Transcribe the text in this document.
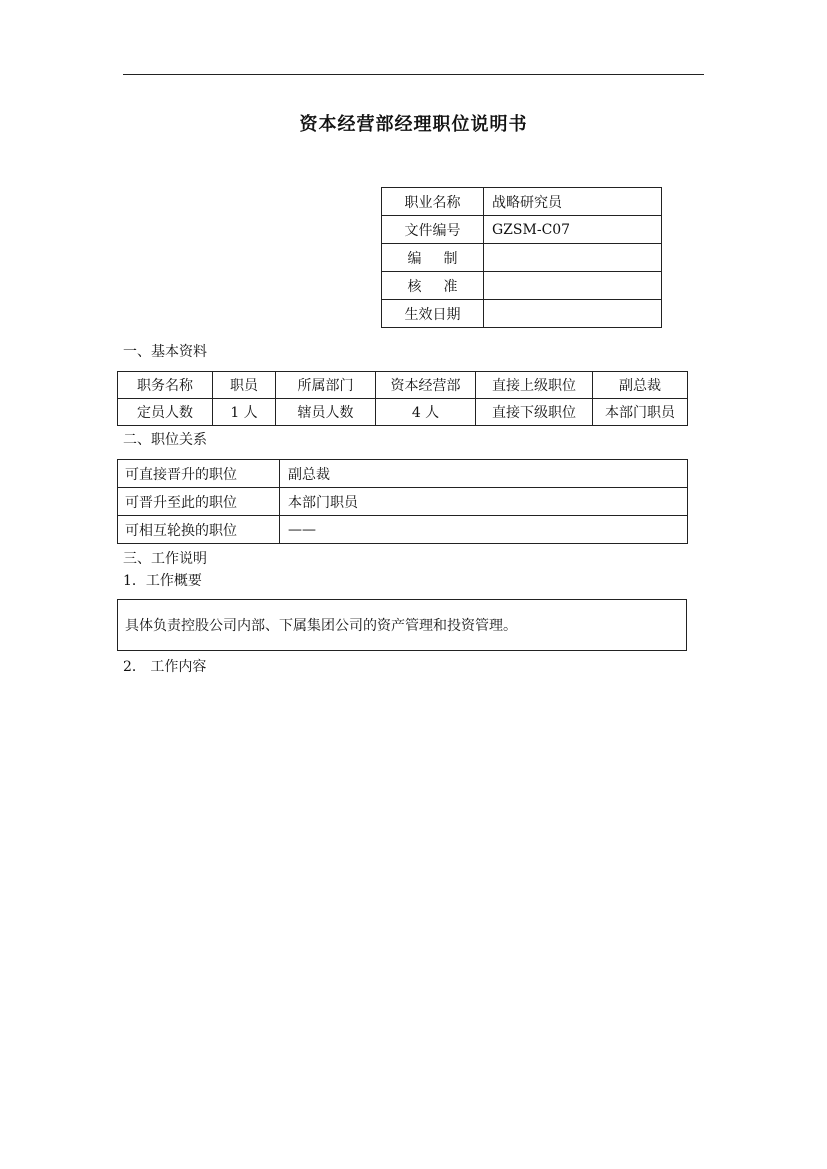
资本经营部经理职位说明书
职业名称	战略研究员
文件编号	GZSM-C07
编制	
核准	
生效日期	
一、基本资料
职务名称	职员	所属部门	资本经营部	直接上级职位	副总裁
定员人数	1 人	辖员人数	4 人	直接下级职位	本部门职员
二、职位关系
可直接晋升的职位	副总裁
可晋升至此的职位	本部门职员
可相互轮换的职位	——
三、工作说明
1．工作概要
具体负责控股公司内部、下属集团公司的资产管理和投资管理。
2． 工作内容
